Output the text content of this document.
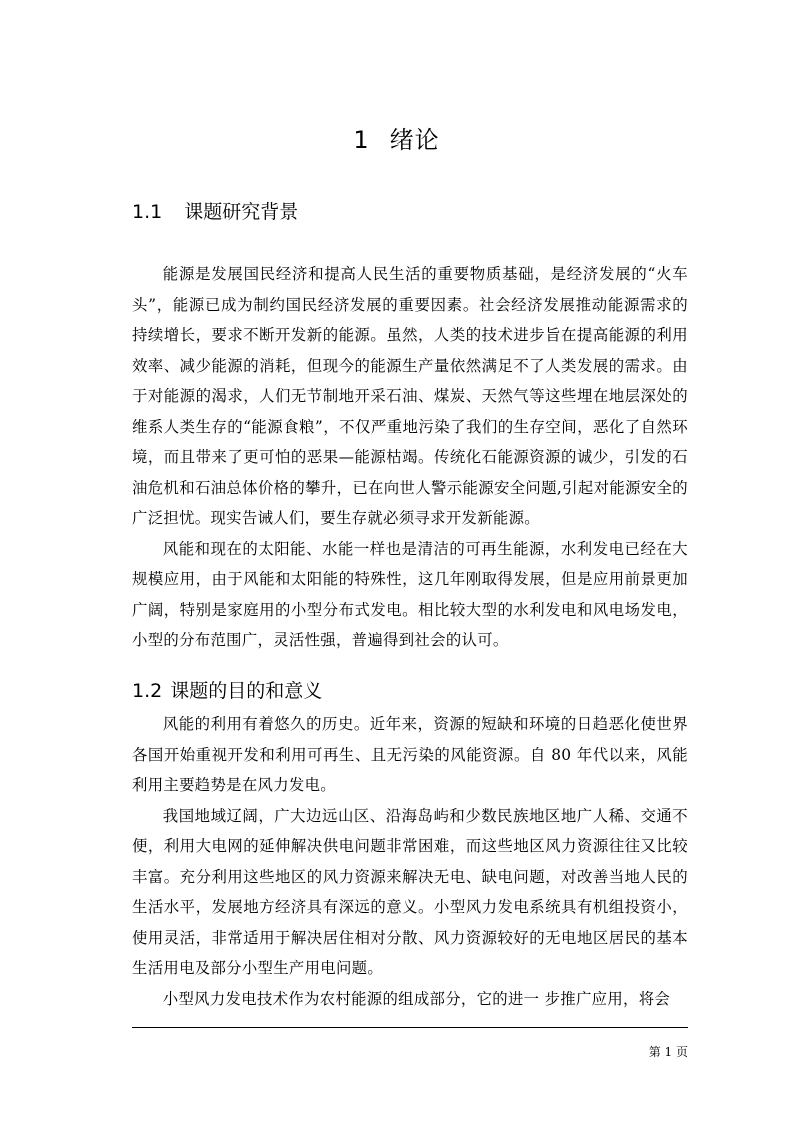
1 绪论
1.1 课题研究背景

能源是发展国民经济和提高人民生活的重要物质基础，是经济发展的“火车头”，能源已成为制约国民经济发展的重要因素。社会经济发展推动能源需求的持续增长，要求不断开发新的能源。虽然，人类的技术进步旨在提高能源的利用效率、减少能源的消耗，但现今的能源生产量依然满足不了人类发展的需求。由于对能源的渴求，人们无节制地开采石油、煤炭、天然气等这些埋在地层深处的维系人类生存的“能源食粮”，不仅严重地污染了我们的生存空间，恶化了自然环境，而且带来了更可怕的恶果—能源枯竭。传统化石能源资源的诚少，引发的石油危机和石油总体价格的攀升，已在向世人警示能源安全问题,引起对能源安全的广泛担忧。现实告诫人们，要生存就必须寻求开发新能源。

风能和现在的太阳能、水能一样也是清洁的可再生能源，水利发电已经在大规模应用，由于风能和太阳能的特殊性，这几年刚取得发展，但是应用前景更加广阔，特别是家庭用的小型分布式发电。相比较大型的水利发电和风电场发电，小型的分布范围广，灵活性强，普遍得到社会的认可。

1.2 课题的目的和意义

风能的利用有着悠久的历史。近年来，资源的短缺和环境的日趋恶化使世界各国开始重视开发和利用可再生、且无污染的风能资源。自 80 年代以来，风能利用主要趋势是在风力发电。

我国地域辽阔，广大边远山区、沿海岛屿和少数民族地区地广人稀、交通不便，利用大电网的延伸解决供电问题非常困难，而这些地区风力资源往往又比较丰富。充分利用这些地区的风力资源来解决无电、缺电问题，对改善当地人民的生活水平，发展地方经济具有深远的意义。小型风力发电系统具有机组投资小，使用灵活，非常适用于解决居住相对分散、风力资源较好的无电地区居民的基本生活用电及部分小型生产用电问题。

小型风力发电技术作为农村能源的组成部分，它的进一 步推广应用，将会

第 1 页
